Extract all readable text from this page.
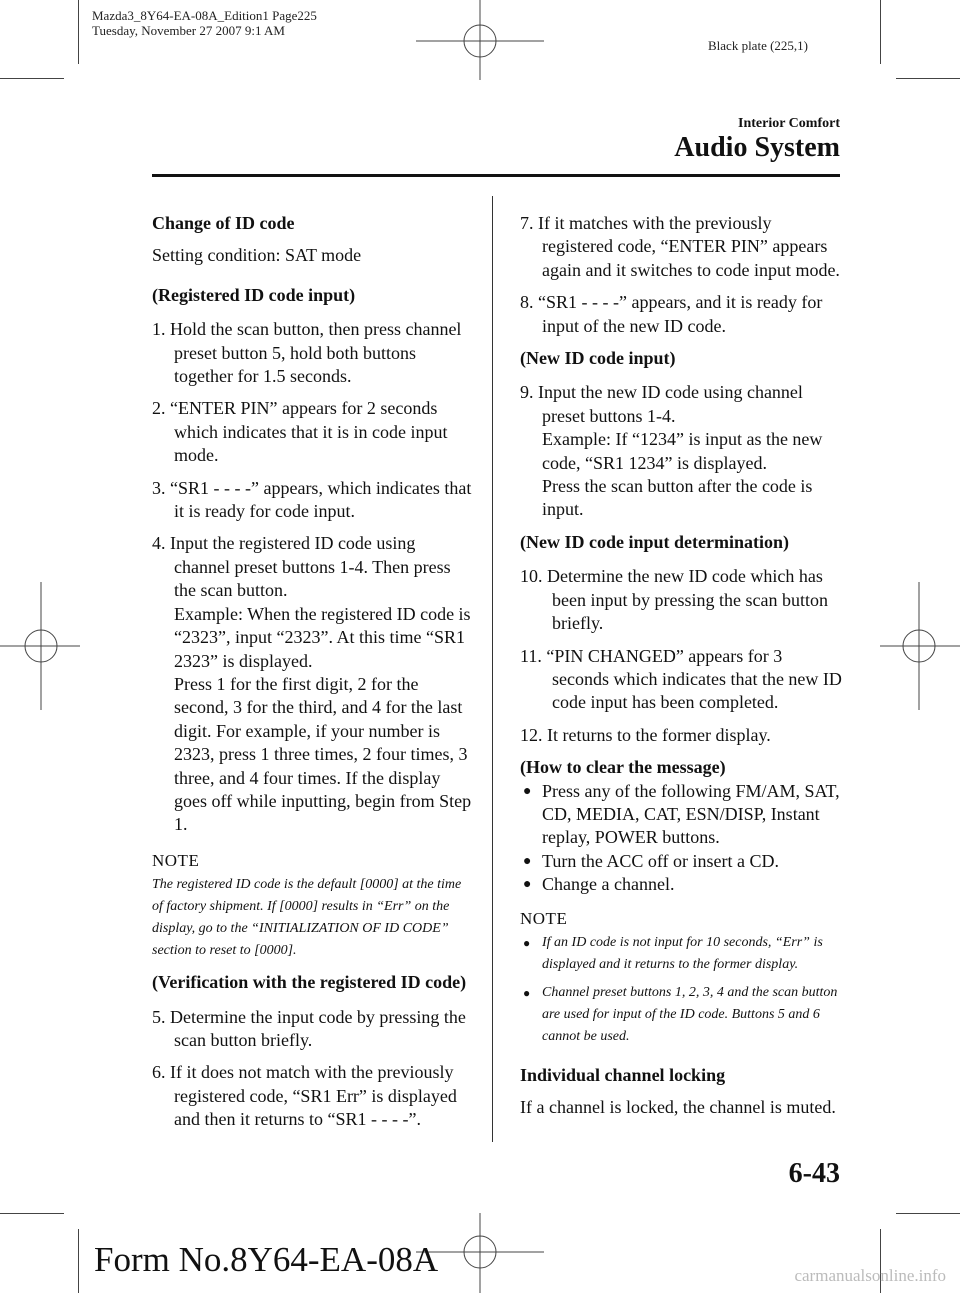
Mazda3_8Y64-EA-08A_Edition1 Page225
Tuesday, November 27 2007 9:1 AM
Black plate (225,1)
Interior Comfort
Audio System

Change of ID code

Setting condition: SAT mode

(Registered ID code input)

1. Hold the scan button, then press channel preset button 5, hold both buttons together for 1.5 seconds.
2. “ENTER PIN” appears for 2 seconds which indicates that it is in code input mode.
3. “SR1 - - - -” appears, which indicates that it is ready for code input.
4. Input the registered ID code using channel preset buttons 1-4. Then press the scan button.
Example: When the registered ID code is “2323”, input “2323”. At this time “SR1 2323” is displayed.
Press 1 for the first digit, 2 for the second, 3 for the third, and 4 for the last digit. For example, if your number is 2323, press 1 three times, 2 four times, 3 three, and 4 four times. If the display goes off while inputting, begin from Step 1.
NOTE

The registered ID code is the default [0000] at the time of factory shipment. If [0000] results in “Err” on the display, go to the “INITIALIZATION OF ID CODE” section to reset to [0000].

(Verification with the registered ID code)

5. Determine the input code by pressing the scan button briefly.
6. If it does not match with the previously registered code, “SR1 Err” is displayed and then it returns to “SR1 - - - -”.
7. If it matches with the previously registered code, “ENTER PIN” appears again and it switches to code input mode.
8. “SR1 - - - -” appears, and it is ready for input of the new ID code.

(New ID code input)

9. Input the new ID code using channel preset buttons 1-4.
Example: If “1234” is input as the new code, “SR1 1234” is displayed.
Press the scan button after the code is input.

(New ID code input determination)

10. Determine the new ID code which has been input by pressing the scan button briefly.
11. “PIN CHANGED” appears for 3 seconds which indicates that the new ID code input has been completed.
12. It returns to the former display.

(How to clear the message)

● Press any of the following FM/AM, SAT, CD, MEDIA, CAT, ESN/DISP, Instant replay, POWER buttons.
● Turn the ACC off or insert a CD.
● Change a channel.
NOTE
● If an ID code is not input for 10 seconds, “Err” is displayed and it returns to the former display.
● Channel preset buttons 1, 2, 3, 4 and the scan button are used for input of the ID code. Buttons 5 and 6 cannot be used.

Individual channel locking

If a channel is locked, the channel is muted.

6-43
Form No.8Y64-EA-08A	carmanualsonline.info
